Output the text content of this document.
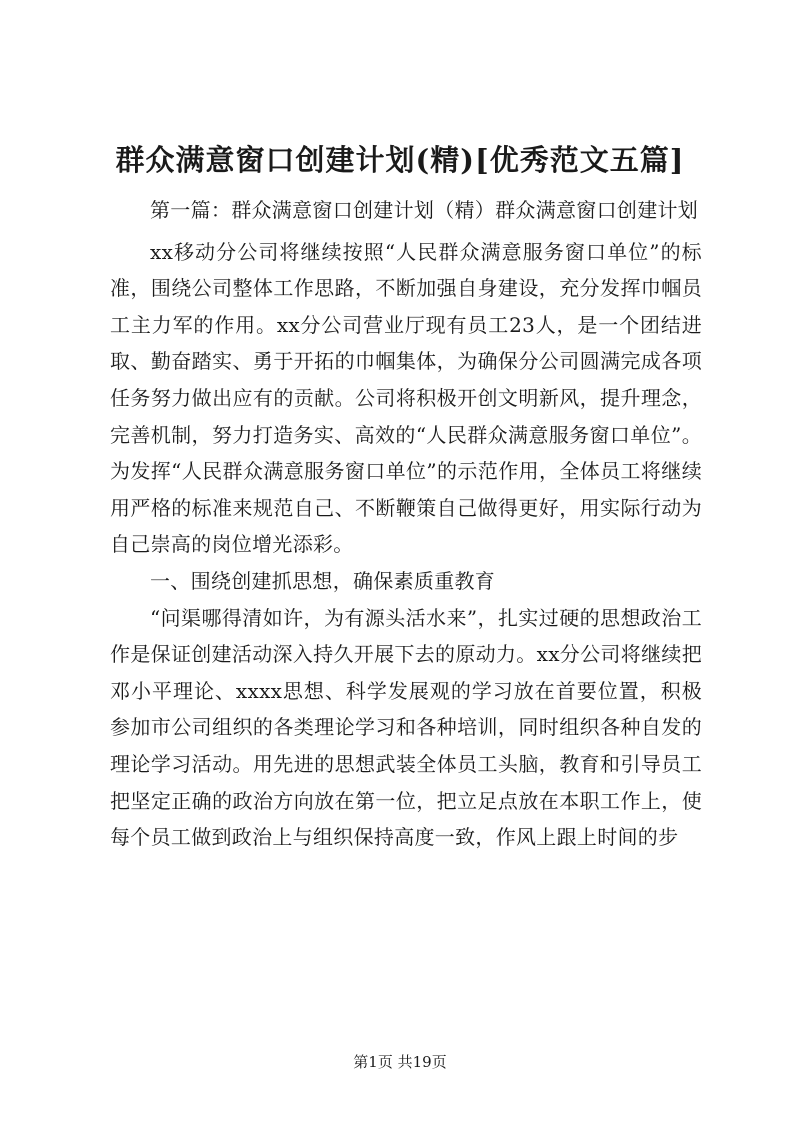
群众满意窗口创建计划(精)[优秀范文五篇]

第一篇：群众满意窗口创建计划（精）群众满意窗口创建计划

xx移动分公司将继续按照“人民群众满意服务窗口单位”的标准，围绕公司整体工作思路，不断加强自身建设，充分发挥巾帼员工主力军的作用。xx分公司营业厅现有员工23人，是一个团结进取、勤奋踏实、勇于开拓的巾帼集体，为确保分公司圆满完成各项任务努力做出应有的贡献。公司将积极开创文明新风，提升理念，完善机制，努力打造务实、高效的“人民群众满意服务窗口单位”。为发挥“人民群众满意服务窗口单位”的示范作用，全体员工将继续用严格的标准来规范自己、不断鞭策自己做得更好，用实际行动为自己崇高的岗位增光添彩。

一、围绕创建抓思想，确保素质重教育

“问渠哪得清如许，为有源头活水来”，扎实过硬的思想政治工作是保证创建活动深入持久开展下去的原动力。xx分公司将继续把邓小平理论、xxxx思想、科学发展观的学习放在首要位置，积极参加市公司组织的各类理论学习和各种培训，同时组织各种自发的理论学习活动。用先进的思想武装全体员工头脑，教育和引导员工把坚定正确的政治方向放在第一位，把立足点放在本职工作上，使每个员工做到政治上与组织保持高度一致，作风上跟上时间的步

第1页 共19页
